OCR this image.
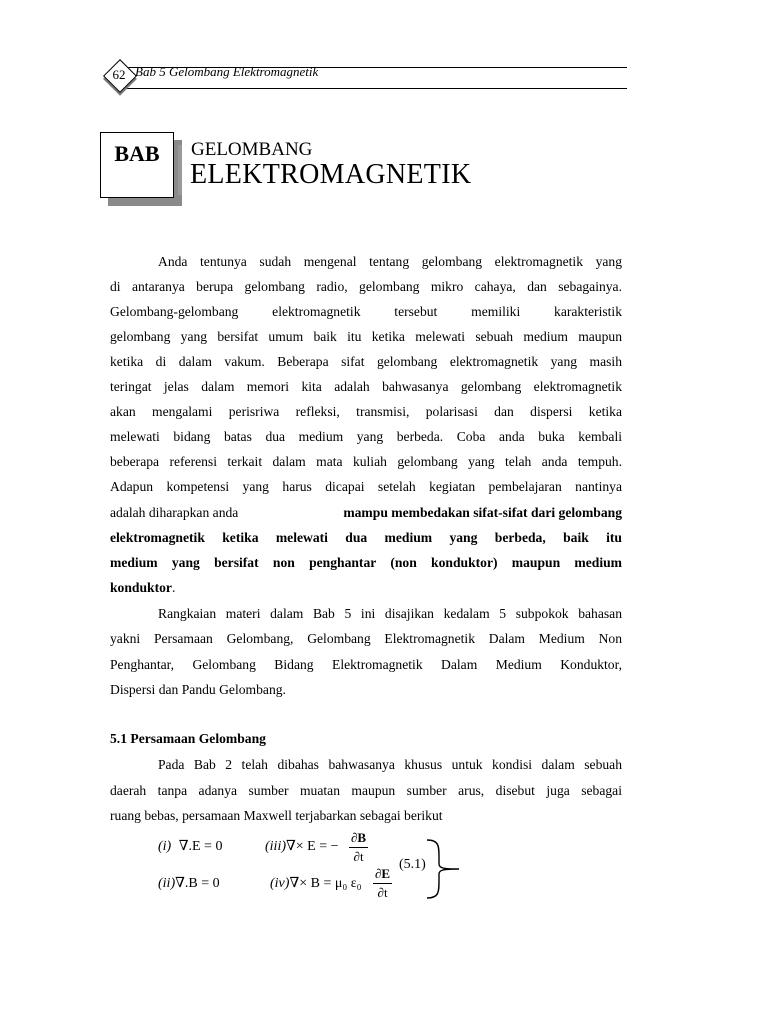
62 Bab 5 Gelombang Elektromagnetik
BAB	GELOMBANG
ELEKTROMAGNETIK
Anda tentunya sudah mengenal tentang gelombang elektromagnetik yang
di antaranya berupa gelombang radio, gelombang mikro cahaya, dan sebagainya.
Gelombang-gelombang elektromagnetik tersebut memiliki karakteristik
gelombang yang bersifat umum baik itu ketika melewati sebuah medium maupun
ketika di dalam vakum. Beberapa sifat gelombang elektromagnetik yang masih
teringat jelas dalam memori kita adalah bahwasanya gelombang elektromagnetik
akan mengalami perisriwa refleksi, transmisi, polarisasi dan dispersi ketika
melewati bidang batas dua medium yang berbeda. Coba anda buka kembali
beberapa referensi terkait dalam mata kuliah gelombang yang telah anda tempuh.
Adapun kompetensi yang harus dicapai setelah kegiatan pembelajaran nantinya
adalah diharapkan anda	mampu membedakan sifat-sifat dari gelombang
elektromagnetik ketika melewati dua medium yang berbeda, baik itu
medium yang bersifat non penghantar (non konduktor) maupun medium
konduktor.
Rangkaian materi dalam Bab 5 ini disajikan kedalam 5 subpokok bahasan
yakni Persamaan Gelombang, Gelombang Elektromagnetik Dalam Medium Non
Penghantar, Gelombang Bidang Elektromagnetik Dalam Medium Konduktor,
Dispersi dan Pandu Gelombang.
5.1 Persamaan Gelombang
Pada Bab 2 telah dibahas bahwasanya khusus untuk kondisi dalam sebuah
daerah tanpa adanya sumber muatan maupun sumber arus, disebut juga sebagai
ruang bebas, persamaan Maxwell terjabarkan sebagai berikut
(i) ∇.E = 0	(iii)∇× E = − $\frac{\partial B}{\partial t} (5.1)$
(ii)∇.B = 0	(iv)∇× B = μ₀ $\varepsilon_0 \frac{\partial E}{\partial t}$
